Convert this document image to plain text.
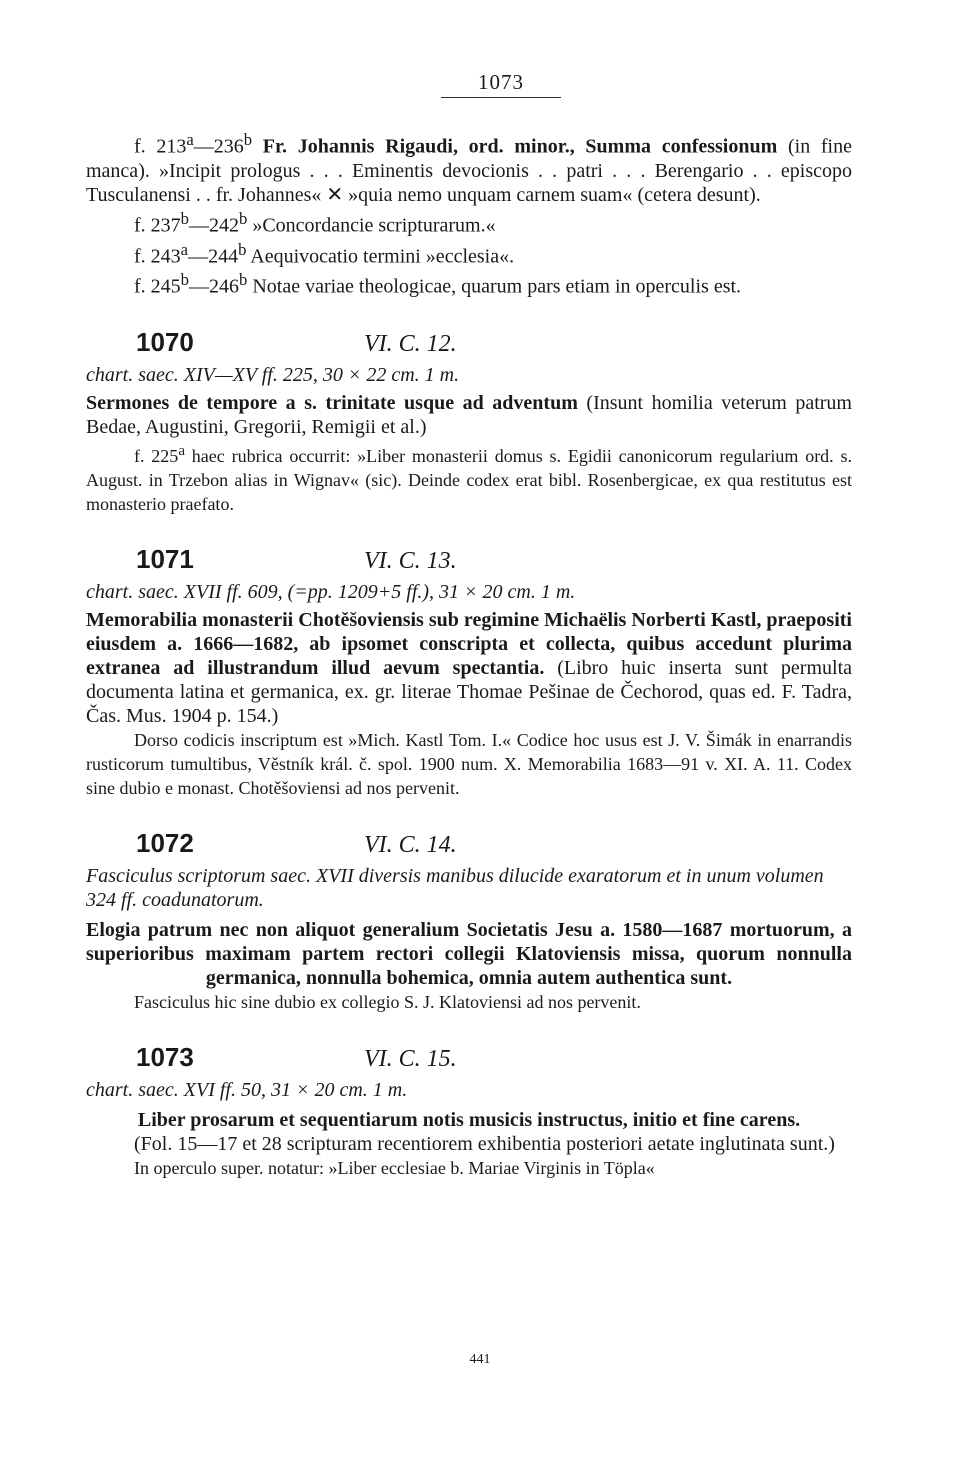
1073

f. 213$^a$—236$^b$ Fr. Johannis Rigaudi, ord. minor., Summa confessionum (in fine manca). »Incipit prologus . . . Eminentis devocionis . . patri . . . Berengario . . episcopo Tusculanensi . . fr. Johannes« ✕ »quia nemo unquam carnem suam« (cetera desunt).

f. 237$^b$—242$^b$ »Concordancie scripturarum.«

f. 243$^a$—244$^b$ Aequivocatio termini »ecclesia«.

f. 245$^b$—246$^b$ Notae variae theologicae, quarum pars etiam in operculis est.

1070	VI. C. 12.

chart. saec. XIV—XV ff. 225, 30 × 22 cm. 1 m.

Sermones de tempore a s. trinitate usque ad adventum (Insunt homilia veterum patrum Bedae, Augustini, Gregorii, Remigii et al.)

f. 225$^a$ haec rubrica occurrit: »Liber monasterii domus s. Egidii canonicorum regularium ord. s. August. in Trzebon alias in Wignav« (sic). Deinde codex erat bibl. Rosenbergicae, ex qua restitutus est monasterio praefato.

1071	VI. C. 13.

chart. saec. XVII ff. 609, (=pp. 1209+5 ff.), 31 × 20 cm. 1 m.

Memorabilia monasterii Chotěšoviensis sub regimine Michaëlis Norberti Kastl, praepositi eiusdem a. 1666—1682, ab ipsomet conscripta et collecta, quibus accedunt plurima extranea ad illustrandum illud aevum spectantia. (Libro huic inserta sunt permulta documenta latina et germanica, ex. gr. literae Thomae Pešinae de Čechorod, quas ed. F. Tadra, Čas. Mus. 1904 p. 154.)

Dorso codicis inscriptum est »Mich. Kastl Tom. I.« Codice hoc usus est J. V. Šimák in enarrandis rusticorum tumultibus, Věstník král. č. spol. 1900 num. X. Memorabilia 1683—91 v. XI. A. 11. Codex sine dubio e monast. Chotěšoviensi ad nos pervenit.

1072	VI. C. 14.

Fasciculus scriptorum saec. XVII diversis manibus dilucide exaratorum et in unum volumen 324 ff. coadunatorum.

Elogia patrum nec non aliquot generalium Societatis Jesu a. 1580—1687 mortuorum, a superioribus maximam partem rectori collegii Klatoviensis missa, quorum nonnulla germanica, nonnulla bohemica, omnia autem authentica sunt.

Fasciculus hic sine dubio ex collegio S. J. Klatoviensi ad nos pervenit.

1073	VI. C. 15.

chart. saec. XVI ff. 50, 31 × 20 cm. 1 m.

Liber prosarum et sequentiarum notis musicis instructus, initio et fine carens.

(Fol. 15—17 et 28 scripturam recentiorem exhibentia posteriori aetate inglutinata sunt.)

In operculo super. notatur: »Liber ecclesiae b. Mariae Virginis in Töpla«

441
